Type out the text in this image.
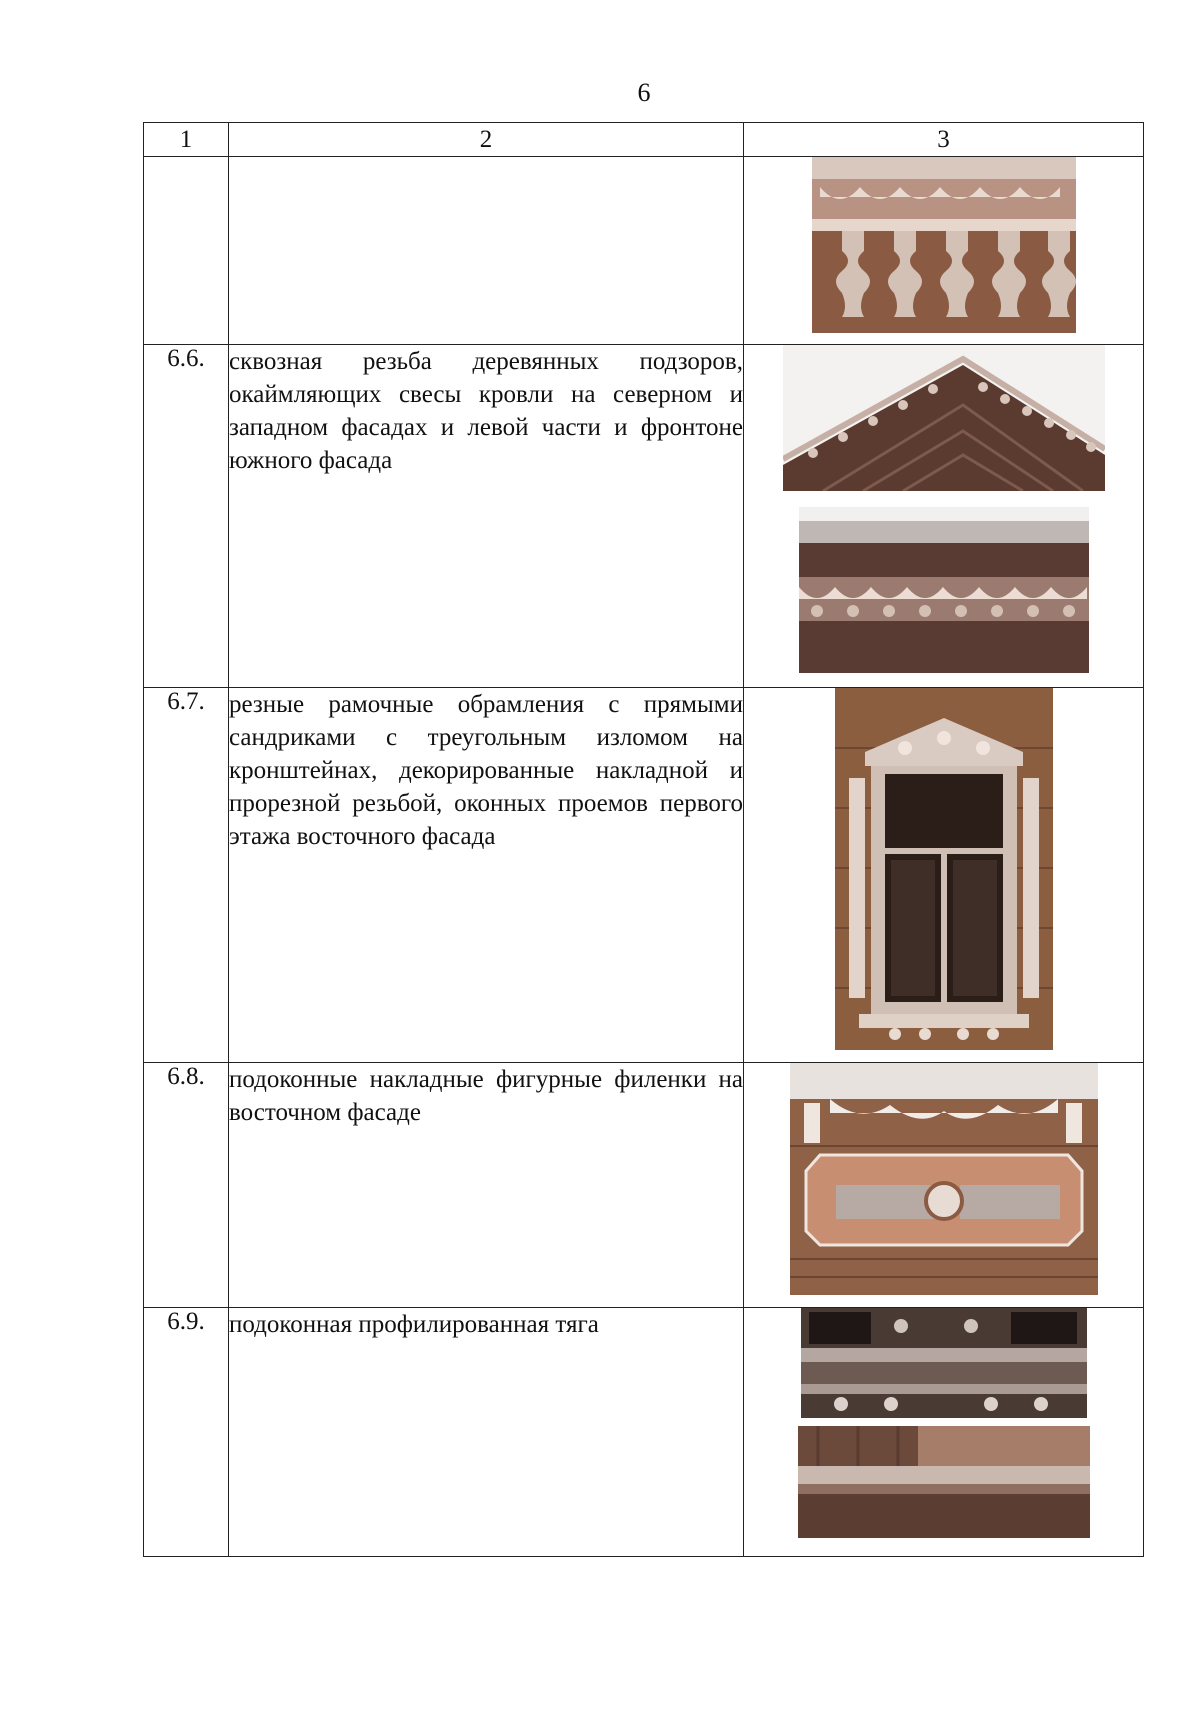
6
1	2	3

6.6.	сквозная резьба деревянных подзоров, окаймляющих свесы кровли на северном и западном фасадах и левой части и фронтоне южного фасада	

6.7.	резные рамочные обрамления с прямыми сандриками с треугольным изломом на кронштейнах, декорированные накладной и прорезной резьбой, оконных проемов первого этажа восточного фасада	

6.8.	подоконные накладные фигурные филенки на восточном фасаде	

6.9.	подоконная профилированная тяга	
